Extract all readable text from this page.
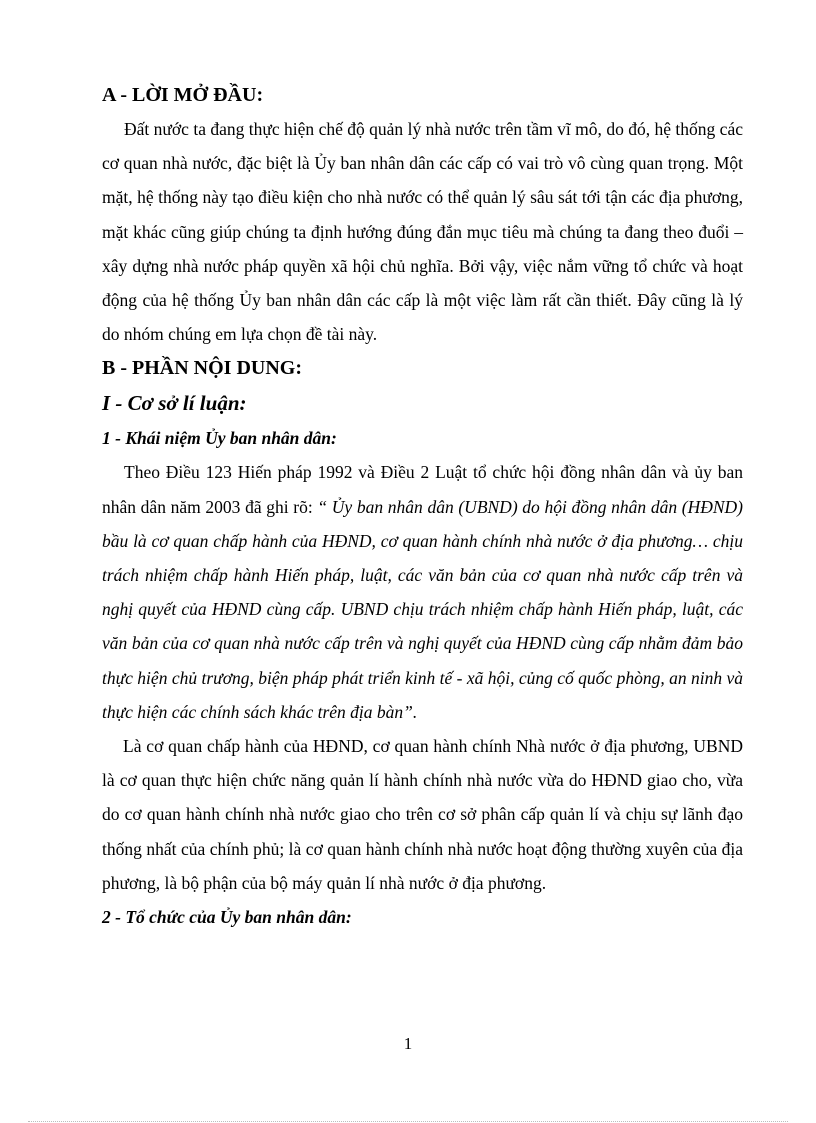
A - LỜI MỞ ĐẦU:

Đất nước ta đang thực hiện chế độ quản lý nhà nước trên tầm vĩ mô, do đó, hệ thống các cơ quan nhà nước, đặc biệt là Ủy ban nhân dân các cấp có vai trò vô cùng quan trọng. Một mặt, hệ thống này tạo điều kiện cho nhà nước có thể quản lý sâu sát tới tận các địa phương, mặt khác cũng giúp chúng ta định hướng đúng đắn mục tiêu mà chúng ta đang theo đuổi – xây dựng nhà nước pháp quyền xã hội chủ nghĩa. Bởi vậy, việc nắm vững tổ chức và hoạt động của hệ thống Ủy ban nhân dân các cấp là một việc làm rất cần thiết. Đây cũng là lý do nhóm chúng em lựa chọn đề tài này.

B - PHẦN NỘI DUNG:
I - Cơ sở lí luận:
1 - Khái niệm Ủy ban nhân dân:

Theo Điều 123 Hiến pháp 1992 và Điều 2 Luật tổ chức hội đồng nhân dân và ủy ban nhân dân năm 2003 đã ghi rõ: “ Ủy ban nhân dân (UBND) do hội đồng nhân dân (HĐND) bầu là cơ quan chấp hành của HĐND, cơ quan hành chính nhà nước ở địa phương… chịu trách nhiệm chấp hành Hiến pháp, luật, các văn bản của cơ quan nhà nước cấp trên và nghị quyết của HĐND cùng cấp. UBND chịu trách nhiệm chấp hành Hiến pháp, luật, các văn bản của cơ quan nhà nước cấp trên và nghị quyết của HĐND cùng cấp nhằm đảm bảo thực hiện chủ trương, biện pháp phát triển kinh tế - xã hội, củng cố quốc phòng, an ninh và thực hiện các chính sách khác trên địa bàn”.

Là cơ quan chấp hành của HĐND, cơ quan hành chính Nhà nước ở địa phương, UBND là cơ quan thực hiện chức năng quản lí hành chính nhà nước vừa do HĐND giao cho, vừa do cơ quan hành chính nhà nước giao cho trên cơ sở phân cấp quản lí và chịu sự lãnh đạo thống nhất của chính phủ; là cơ quan hành chính nhà nước hoạt động thường xuyên của địa phương, là bộ phận của bộ máy quản lí nhà nước ở địa phương.

2 - Tổ chức của Ủy ban nhân dân:
1
